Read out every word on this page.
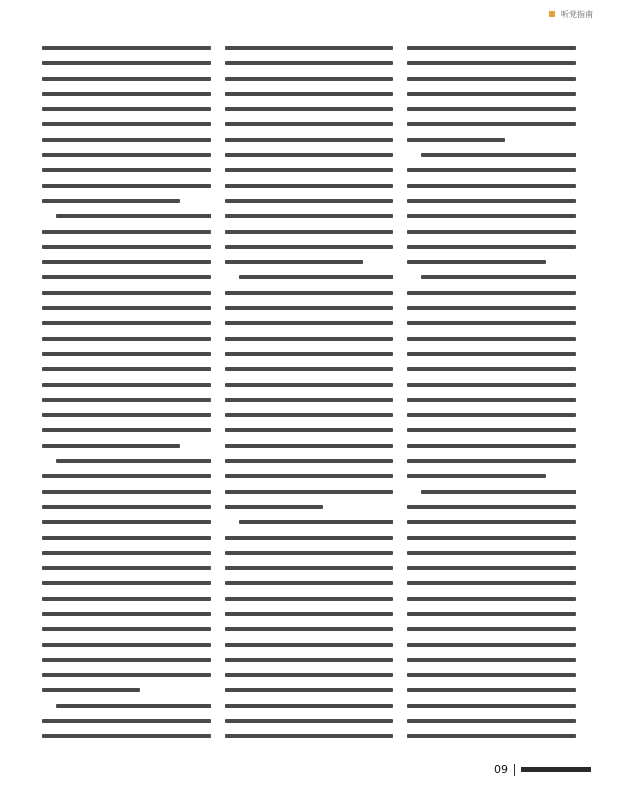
听党指南
09
